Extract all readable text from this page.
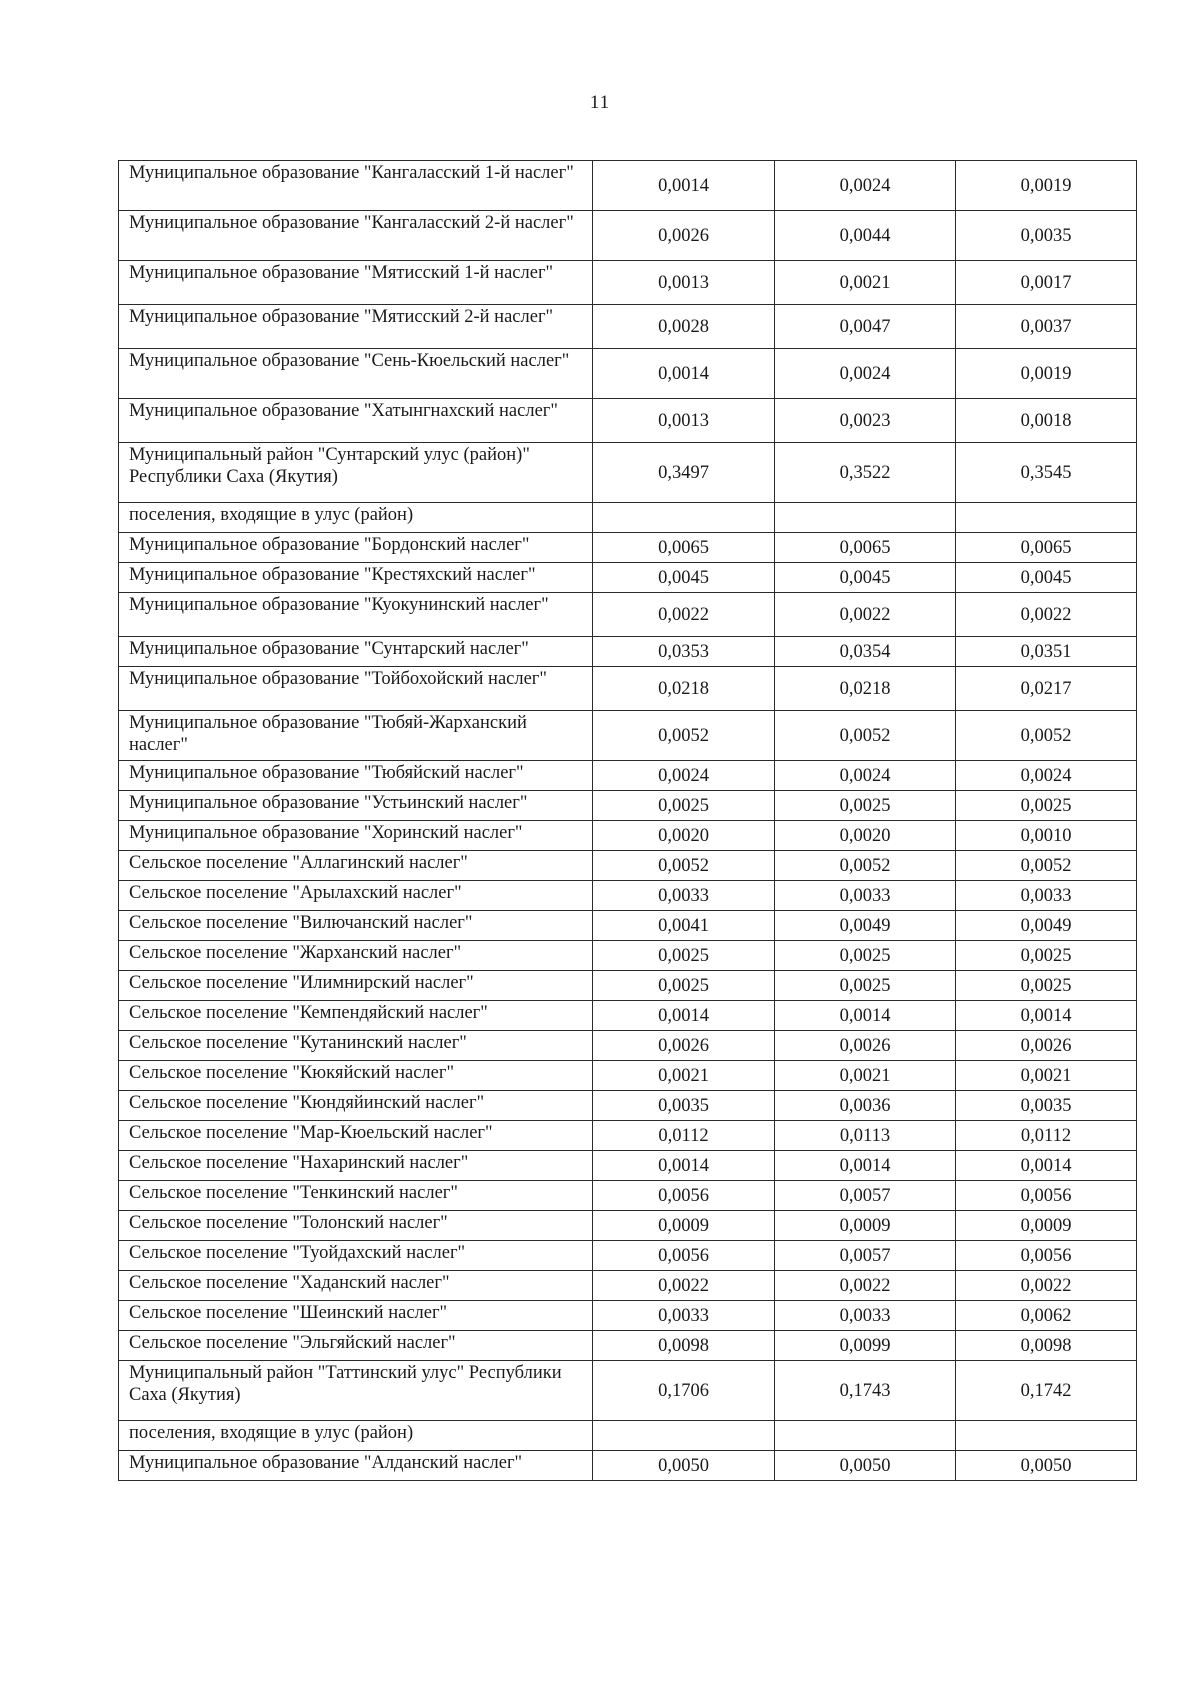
11
Муниципальное образование "Кангаласский 1-й наслег"	0,0014	0,0024	0,0019
Муниципальное образование "Кангаласский 2-й наслег"	0,0026	0,0044	0,0035
Муниципальное образование "Мятисский 1-й наслег"	0,0013	0,0021	0,0017
Муниципальное образование "Мятисский 2-й наслег"	0,0028	0,0047	0,0037
Муниципальное образование "Сень-Кюельский наслег"	0,0014	0,0024	0,0019
Муниципальное образование "Хатынгнахский наслег"	0,0013	0,0023	0,0018
Муниципальный район "Сунтарский улус (район)" Республики Саха (Якутия)	0,3497	0,3522	0,3545
поселения, входящие в улус (район)			
Муниципальное образование "Бордонский наслег"	0,0065	0,0065	0,0065
Муниципальное образование "Крестяхский наслег"	0,0045	0,0045	0,0045
Муниципальное образование "Куокунинский наслег"	0,0022	0,0022	0,0022
Муниципальное образование "Сунтарский наслег"	0,0353	0,0354	0,0351
Муниципальное образование "Тойбохойский наслег"	0,0218	0,0218	0,0217
Муниципальное образование "Тюбяй-Жарханский наслег"	0,0052	0,0052	0,0052
Муниципальное образование "Тюбяйский наслег"	0,0024	0,0024	0,0024
Муниципальное образование "Устьинский наслег"	0,0025	0,0025	0,0025
Муниципальное образование "Хоринский наслег"	0,0020	0,0020	0,0010
Сельское поселение "Аллагинский наслег"	0,0052	0,0052	0,0052
Сельское поселение "Арылахский наслег"	0,0033	0,0033	0,0033
Сельское поселение "Вилючанский наслег"	0,0041	0,0049	0,0049
Сельское поселение "Жарханский наслег"	0,0025	0,0025	0,0025
Сельское поселение "Илимнирский наслег"	0,0025	0,0025	0,0025
Сельское поселение "Кемпендяйский наслег"	0,0014	0,0014	0,0014
Сельское поселение "Кутанинский наслег"	0,0026	0,0026	0,0026
Сельское поселение "Кюкяйский наслег"	0,0021	0,0021	0,0021
Сельское поселение "Кюндяйинский наслег"	0,0035	0,0036	0,0035
Сельское поселение "Мар-Кюельский наслег"	0,0112	0,0113	0,0112
Сельское поселение "Нахаринский наслег"	0,0014	0,0014	0,0014
Сельское поселение "Тенкинский наслег"	0,0056	0,0057	0,0056
Сельское поселение "Толонский наслег"	0,0009	0,0009	0,0009
Сельское поселение "Туойдахский наслег"	0,0056	0,0057	0,0056
Сельское поселение "Хаданский наслег"	0,0022	0,0022	0,0022
Сельское поселение "Шеинский наслег"	0,0033	0,0033	0,0062
Сельское поселение "Эльгяйский наслег"	0,0098	0,0099	0,0098
Муниципальный район "Таттинский улус" Республики Саха (Якутия)	0,1706	0,1743	0,1742
поселения, входящие в улус (район)			
Муниципальное образование "Алданский наслег"	0,0050	0,0050	0,0050
